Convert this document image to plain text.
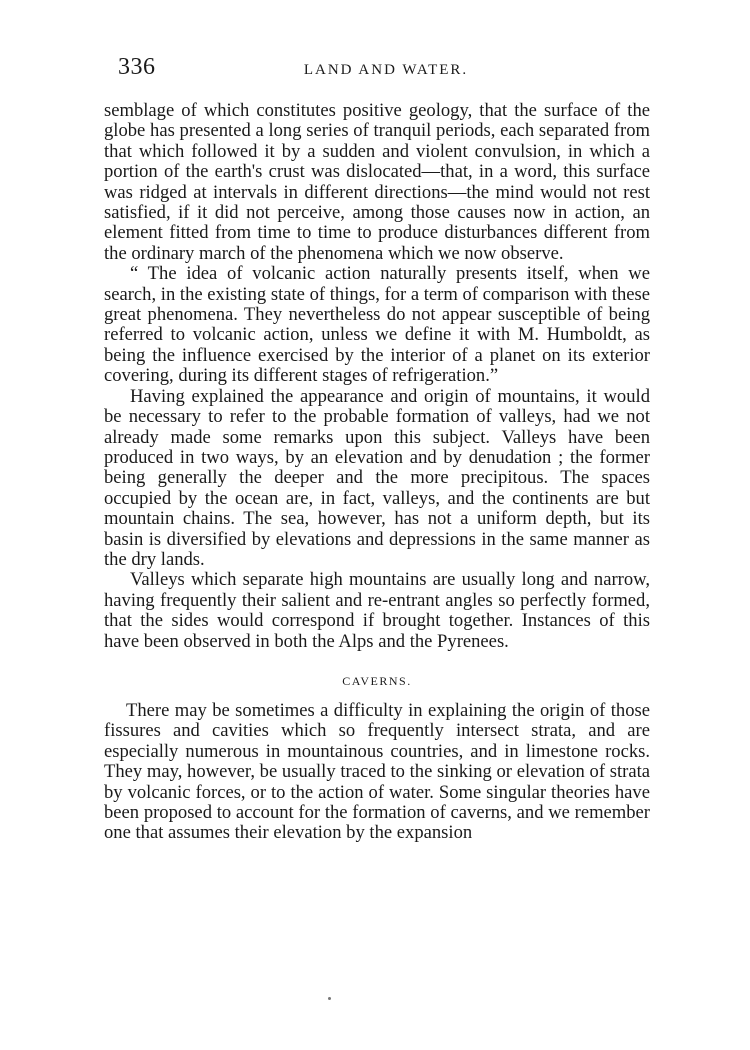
336	LAND AND WATER.

semblage of which constitutes positive geology, that the surface of the globe has presented a long series of tranquil periods, each separated from that which followed it by a sudden and violent convulsion, in which a portion of the earth's crust was dislocated—that, in a word, this surface was ridged at intervals in different directions—the mind would not rest satisfied, if it did not perceive, among those causes now in action, an element fitted from time to time to produce disturbances different from the ordinary march of the phenomena which we now observe.

“ The idea of volcanic action naturally presents itself, when we search, in the existing state of things, for a term of comparison with these great phenomena. They nevertheless do not appear susceptible of being referred to volcanic action, unless we define it with M. Humboldt, as being the influence exercised by the interior of a planet on its exterior covering, during its different stages of refrigeration.”

Having explained the appearance and origin of mountains, it would be necessary to refer to the probable formation of valleys, had we not already made some remarks upon this subject. Valleys have been produced in two ways, by an elevation and by denudation ; the former being generally the deeper and the more precipitous. The spaces occupied by the ocean are, in fact, valleys, and the continents are but mountain chains. The sea, however, has not a uniform depth, but its basin is diversified by elevations and depressions in the same manner as the dry lands.

Valleys which separate high mountains are usually long and narrow, having frequently their salient and re-entrant angles so perfectly formed, that the sides would correspond if brought together. Instances of this have been observed in both the Alps and the Pyrenees.

CAVERNS.

There may be sometimes a difficulty in explaining the origin of those fissures and cavities which so frequently intersect strata, and are especially numerous in mountainous countries, and in limestone rocks. They may, however, be usually traced to the sinking or elevation of strata by volcanic forces, or to the action of water. Some singular theories have been proposed to account for the formation of caverns, and we remember one that assumes their elevation by the expansion
